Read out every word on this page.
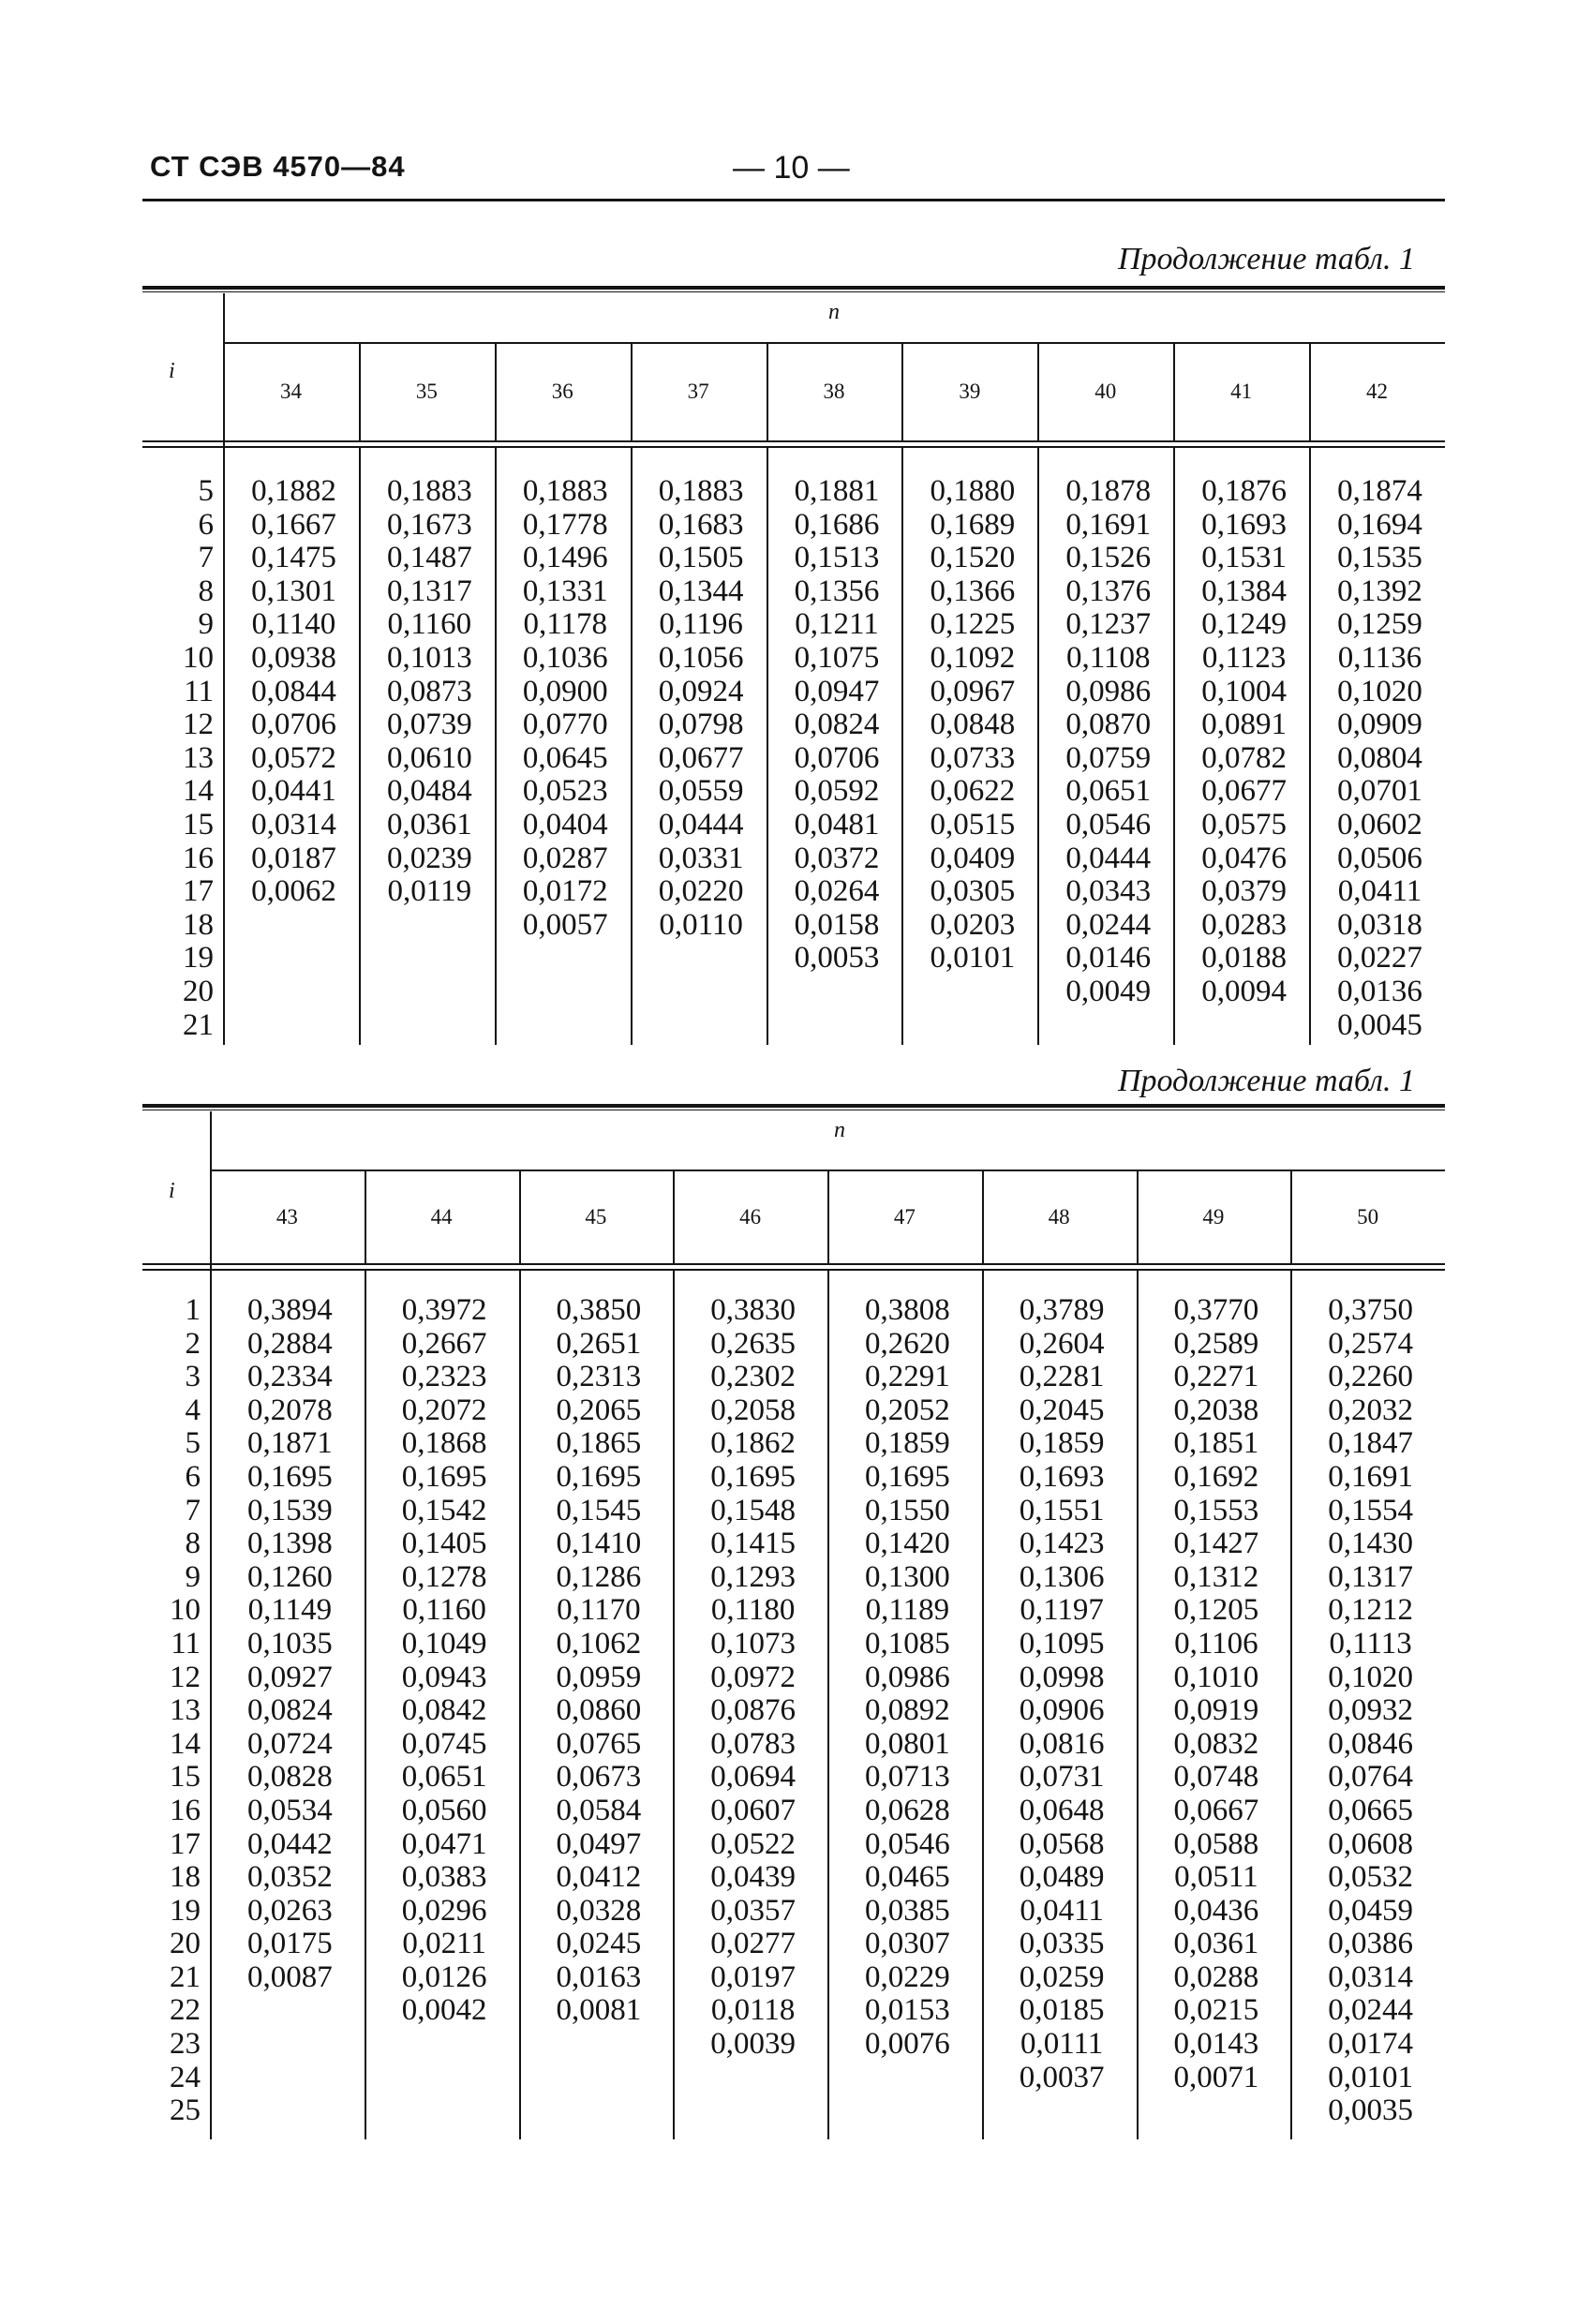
СТ СЭВ 4570—84	— 10 —
Продолжение табл. 1
i
n
34
0,1882
0,1667
0,1475
0,1301
0,1140
0,0938
0,0844
0,0706
0,0572
0,0441
0,0314
0,0187
0,0062
35
0,1883
0,1673
0,1487
0,1317
0,1160
0,1013
0,0873
0,0739
0,0610
0,0484
0,0361
0,0239
0,0119
36
0,1883
0,1778
0,1496
0,1331
0,1178
0,1036
0,0900
0,0770
0,0645
0,0523
0,0404
0,0287
0,0172
0,0057
37
0,1883
0,1683
0,1505
0,1344
0,1196
0,1056
0,0924
0,0798
0,0677
0,0559
0,0444
0,0331
0,0220
0,0110
38
0,1881
0,1686
0,1513
0,1356
0,1211
0,1075
0,0947
0,0824
0,0706
0,0592
0,0481
0,0372
0,0264
0,0158
0,0053
39
0,1880
0,1689
0,1520
0,1366
0,1225
0,1092
0,0967
0,0848
0,0733
0,0622
0,0515
0,0409
0,0305
0,0203
0,0101
40
0,1878
0,1691
0,1526
0,1376
0,1237
0,1108
0,0986
0,0870
0,0759
0,0651
0,0546
0,0444
0,0343
0,0244
0,0146
0,0049
41
0,1876
0,1693
0,1531
0,1384
0,1249
0,1123
0,1004
0,0891
0,0782
0,0677
0,0575
0,0476
0,0379
0,0283
0,0188
0,0094
42
0,1874
0,1694
0,1535
0,1392
0,1259
0,1136
0,1020
0,0909
0,0804
0,0701
0,0602
0,0506
0,0411
0,0318
0,0227
0,0136
0,0045
5
6
7
8
9
10
11
12
13
14
15
16
17
18
19
20
21
Продолжение табл. 1
i
n
43
0,3894
0,2884
0,2334
0,2078
0,1871
0,1695
0,1539
0,1398
0,1260
0,1149
0,1035
0,0927
0,0824
0,0724
0,0828
0,0534
0,0442
0,0352
0,0263
0,0175
0,0087
44
0,3972
0,2667
0,2323
0,2072
0,1868
0,1695
0,1542
0,1405
0,1278
0,1160
0,1049
0,0943
0,0842
0,0745
0,0651
0,0560
0,0471
0,0383
0,0296
0,0211
0,0126
0,0042
45
0,3850
0,2651
0,2313
0,2065
0,1865
0,1695
0,1545
0,1410
0,1286
0,1170
0,1062
0,0959
0,0860
0,0765
0,0673
0,0584
0,0497
0,0412
0,0328
0,0245
0,0163
0,0081
46
0,3830
0,2635
0,2302
0,2058
0,1862
0,1695
0,1548
0,1415
0,1293
0,1180
0,1073
0,0972
0,0876
0,0783
0,0694
0,0607
0,0522
0,0439
0,0357
0,0277
0,0197
0,0118
0,0039
47
0,3808
0,2620
0,2291
0,2052
0,1859
0,1695
0,1550
0,1420
0,1300
0,1189
0,1085
0,0986
0,0892
0,0801
0,0713
0,0628
0,0546
0,0465
0,0385
0,0307
0,0229
0,0153
0,0076
48
0,3789
0,2604
0,2281
0,2045
0,1859
0,1693
0,1551
0,1423
0,1306
0,1197
0,1095
0,0998
0,0906
0,0816
0,0731
0,0648
0,0568
0,0489
0,0411
0,0335
0,0259
0,0185
0,0111
0,0037
49
0,3770
0,2589
0,2271
0,2038
0,1851
0,1692
0,1553
0,1427
0,1312
0,1205
0,1106
0,1010
0,0919
0,0832
0,0748
0,0667
0,0588
0,0511
0,0436
0,0361
0,0288
0,0215
0,0143
0,0071
50
0,3750
0,2574
0,2260
0,2032
0,1847
0,1691
0,1554
0,1430
0,1317
0,1212
0,1113
0,1020
0,0932
0,0846
0,0764
0,0665
0,0608
0,0532
0,0459
0,0386
0,0314
0,0244
0,0174
0,0101
0,0035
1
2
3
4
5
6
7
8
9
10
11
12
13
14
15
16
17
18
19
20
21
22
23
24
25
